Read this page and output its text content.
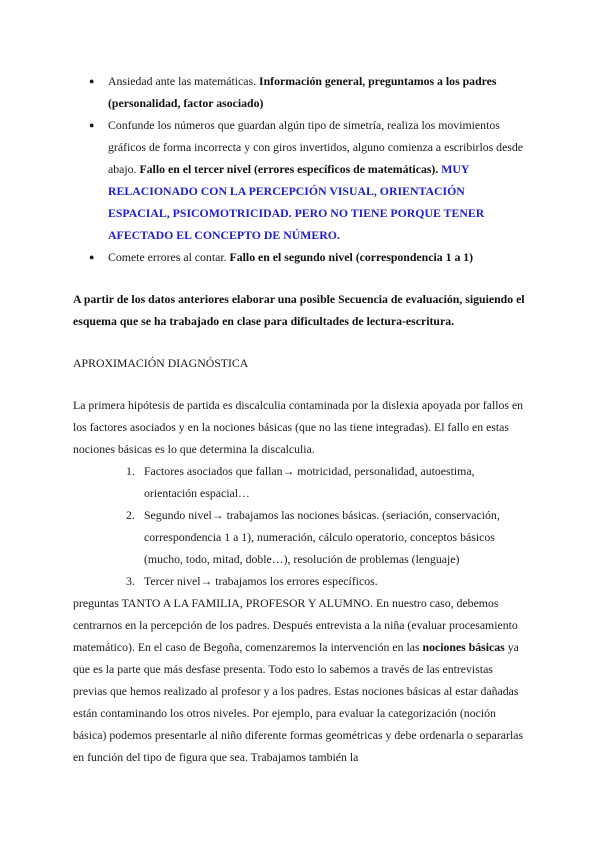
● Ansiedad ante las matemáticas. Información general, preguntamos a los padres (personalidad, factor asociado)
● Confunde los números que guardan algún tipo de simetría, realiza los movimientos gráficos de forma incorrecta y con giros invertidos, alguno comienza a escribirlos desde abajo. Fallo en el tercer nivel (errores específicos de matemáticas). MUY RELACIONADO CON LA PERCEPCIÓN VISUAL, ORIENTACIÓN ESPACIAL, PSICOMOTRICIDAD. PERO NO TIENE PORQUE TENER AFECTADO EL CONCEPTO DE NÚMERO.
● Comete errores al contar. Fallo en el segundo nivel (correspondencia 1 a 1)

A partir de los datos anteriores elaborar una posible Secuencia de evaluación, siguiendo el esquema que se ha trabajado en clase para dificultades de lectura-escritura.

APROXIMACIÓN DIAGNÓSTICA

La primera hipótesis de partida es discalculia contaminada por la dislexia apoyada por fallos en los factores asociados y en la nociones básicas (que no las tiene integradas). El fallo en estas nociones básicas es lo que determina la discalculia.

1. Factores asociados que fallan→ motricidad, personalidad, autoestima, orientación espacial…
2. Segundo nivel→ trabajamos las nociones básicas. (seriación, conservación, correspondencia 1 a 1), numeración, cálculo operatorio, conceptos básicos (mucho, todo, mitad, doble…), resolución de problemas (lenguaje)
3. Tercer nivel→ trabajamos los errores específicos.

preguntas TANTO A LA FAMILIA, PROFESOR Y ALUMNO. En nuestro caso, debemos centrarnos en la percepción de los padres. Después entrevista a la niña (evaluar procesamiento matemático). En el caso de Begoña, comenzaremos la intervención en las nociones básicas ya que es la parte que más desfase presenta. Todo esto lo sabemos a través de las entrevistas previas que hemos realizado al profesor y a los padres. Estas nociones básicas al estar dañadas están contaminando los otros niveles. Por ejemplo, para evaluar la categorización (noción básica) podemos presentarle al niño diferente formas geométricas y debe ordenarla o separarlas en función del tipo de figura que sea. Trabajamos también la
